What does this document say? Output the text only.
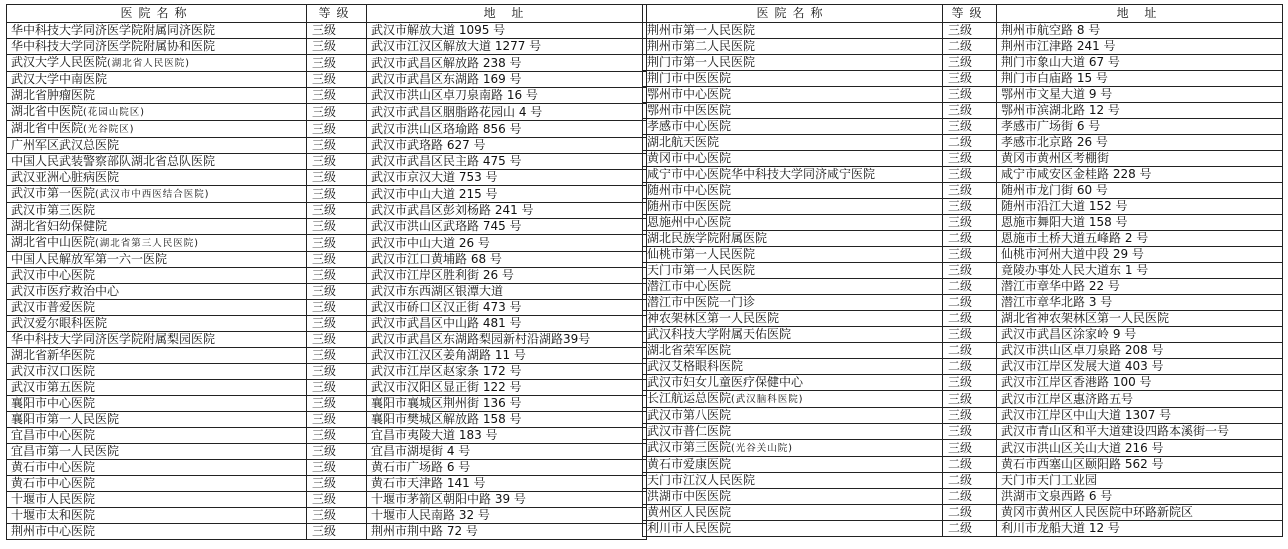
医院名称	等级	地 址
华中科技大学同济医学院附属同济医院	三级	武汉市解放大道 1095 号
华中科技大学同济医学院附属协和医院	三级	武汉市江汉区解放大道 1277 号
武汉大学人民医院(湖北省人民医院)	三级	武汉市武昌区解放路 238 号
武汉大学中南医院	三级	武汉市武昌区东湖路 169 号
湖北省肿瘤医院	三级	武汉市洪山区卓刀泉南路 16 号
湖北省中医院(花园山院区)	三级	武汉市武昌区胭脂路花园山 4 号
湖北省中医院(光谷院区)	三级	武汉市洪山区珞瑜路 856 号
广州军区武汉总医院	三级	武汉市武珞路 627 号
中国人民武装警察部队湖北省总队医院	三级	武汉市武昌区民主路 475 号
武汉亚洲心脏病医院	三级	武汉市京汉大道 753 号
武汉市第一医院(武汉市中西医结合医院)	三级	武汉市中山大道 215 号
武汉市第三医院	三级	武汉市武昌区彭刘杨路 241 号
湖北省妇幼保健院	三级	武汉市洪山区武珞路 745 号
湖北省中山医院(湖北省第三人民医院)	三级	武汉市中山大道 26 号
中国人民解放军第一六一医院	三级	武汉市江口黄埔路 68 号
武汉市中心医院	三级	武汉市江岸区胜利街 26 号
武汉市医疗救治中心	三级	武汉市东西湖区银潭大道
武汉市普爱医院	三级	武汉市硚口区汉正街 473 号
武汉爱尔眼科医院	三级	武汉市武昌区中山路 481 号
华中科技大学同济医学院附属梨园医院	三级	武汉市武昌区东湖路梨园新村沿湖路39号
湖北省新华医院	三级	武汉市江汉区姜角湖路 11 号
武汉市汉口医院	三级	武汉市江岸区赵家条 172 号
武汉市第五医院	三级	武汉市汉阳区显正街 122 号
襄阳市中心医院	三级	襄阳市襄城区荆州街 136 号
襄阳市第一人民医院	三级	襄阳市樊城区解放路 158 号
宜昌市中心医院	三级	宜昌市夷陵大道 183 号
宜昌市第一人民医院	三级	宜昌市湖堤街 4 号
黄石市中心医院	三级	黄石市广场路 6 号
黄石市中心医院	三级	黄石市天津路 141 号
十堰市人民医院	三级	十堰市茅箭区朝阳中路 39 号
十堰市太和医院	三级	十堰市人民南路 32 号
荆州市中心医院	三级	荆州市荆中路 72 号
医院名称	等级	地 址
荆州市第一人民医院	三级	荆州市航空路 8 号
荆州市第二人民医院	二级	荆州市江津路 241 号
荆门市第一人民医院	三级	荆门市象山大道 67 号
荆门市中医医院	三级	荆门市白庙路 15 号
鄂州市中心医院	三级	鄂州市文星大道 9 号
鄂州市中医医院	三级	鄂州市滨湖北路 12 号
孝感市中心医院	三级	孝感市广场街 6 号
湖北航天医院	二级	孝感市北京路 26 号
黄冈市中心医院	三级	黄冈市黄州区考棚街
咸宁市中心医院华中科技大学同济咸宁医院	三级	咸宁市咸安区金桂路 228 号
随州市中心医院	三级	随州市龙门街 60 号
随州市中医医院	三级	随州市沿江大道 152 号
恩施州中心医院	三级	恩施市舞阳大道 158 号
湖北民族学院附属医院	二级	恩施市土桥大道五峰路 2 号
仙桃市第一人民医院	三级	仙桃市河州大道中段 29 号
天门市第一人民医院	三级	竟陵办事处人民大道东 1 号
潜江市中心医院	二级	潜江市章华中路 22 号
潜江市中医院一门诊	二级	潜江市章华北路 3 号
神农架林区第一人民医院	二级	湖北省神农架林区第一人民医院
武汉科技大学附属天佑医院	三级	武汉市武昌区涂家岭 9 号
湖北省荣军医院	二级	武汉市洪山区卓刀泉路 208 号
武汉艾格眼科医院	二级	武汉市江岸区发展大道 403 号
武汉市妇女儿童医疗保健中心	三级	武汉市江岸区香港路 100 号
长江航运总医院(武汉脑科医院)	三级	武汉市江岸区惠济路五号
武汉市第八医院	三级	武汉市江岸区中山大道 1307 号
武汉市普仁医院	三级	武汉市青山区和平大道建设四路本溪街一号
武汉市第三医院(光谷关山院)	三级	武汉市洪山区关山大道 216 号
黄石市爱康医院	二级	黄石市西塞山区颐阳路 562 号
天门市江汉人民医院	二级	天门市天门工业园
洪湖市中医医院	二级	洪湖市文泉西路 6 号
黄州区人民医院	二级	黄冈市黄州区人民医院中环路新院区
利川市人民医院	二级	利川市龙船大道 12 号
